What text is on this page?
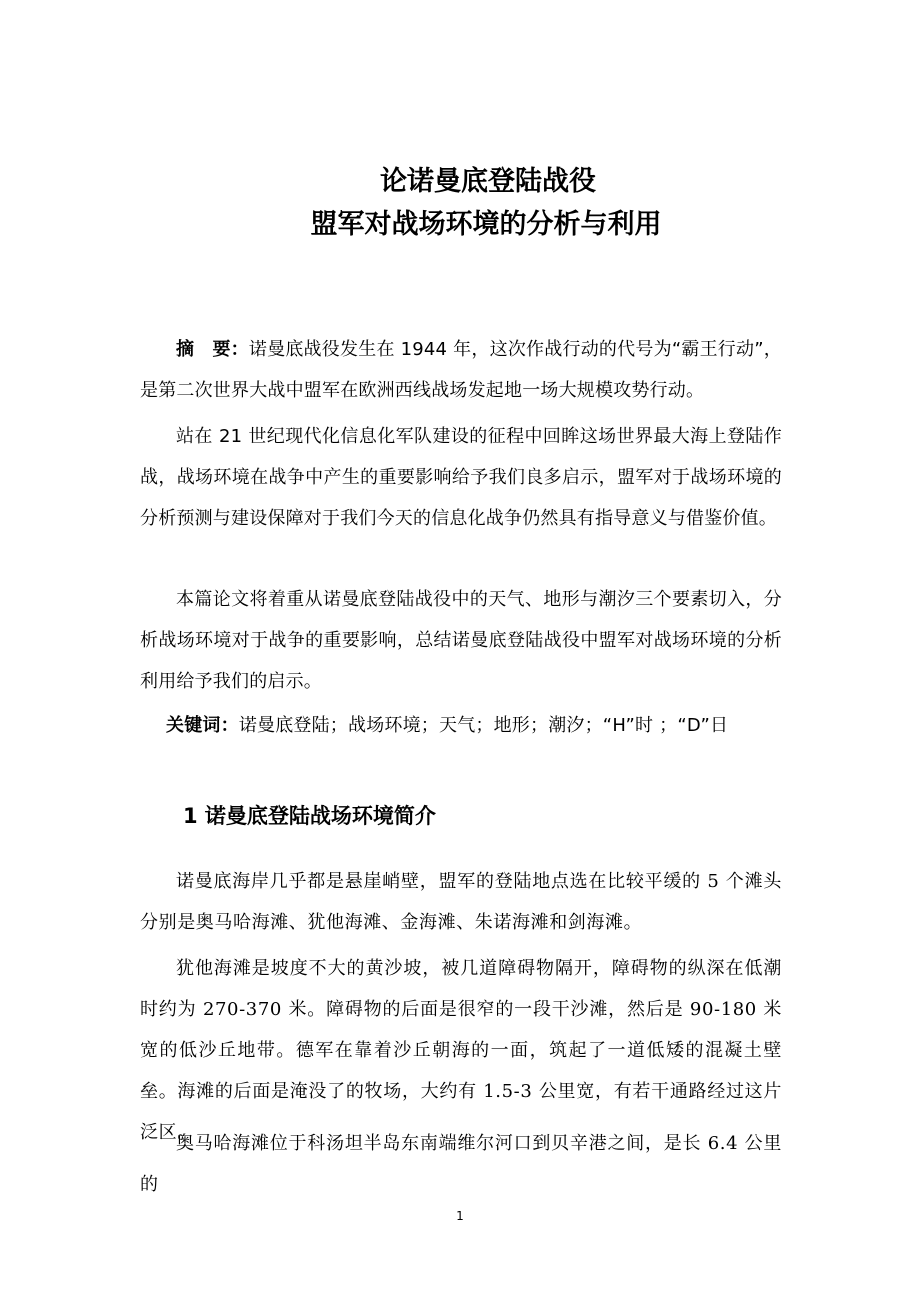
论诺曼底登陆战役
盟军对战场环境的分析与利用

摘　要：诺曼底战役发生在 1944 年，这次作战行动的代号为“霸王行动”，是第二次世界大战中盟军在欧洲西线战场发起地一场大规模攻势行动。

站在 21 世纪现代化信息化军队建设的征程中回眸这场世界最大海上登陆作战，战场环境在战争中产生的重要影响给予我们良多启示，盟军对于战场环境的分析预测与建设保障对于我们今天的信息化战争仍然具有指导意义与借鉴价值。

本篇论文将着重从诺曼底登陆战役中的天气、地形与潮汐三个要素切入，分析战场环境对于战争的重要影响，总结诺曼底登陆战役中盟军对战场环境的分析利用给予我们的启示。

关键词：诺曼底登陆；战场环境；天气；地形；潮汐；“H”时 ；“D”日

1 诺曼底登陆战场环境简介

诺曼底海岸几乎都是悬崖峭壁，盟军的登陆地点选在比较平缓的 5 个滩头分别是奥马哈海滩、犹他海滩、金海滩、朱诺海滩和剑海滩。

犹他海滩是坡度不大的黄沙坡，被几道障碍物隔开，障碍物的纵深在低潮时约为 270-370 米。障碍物的后面是很窄的一段干沙滩，然后是 90-180 米宽的低沙丘地带。德军在靠着沙丘朝海的一面，筑起了一道低矮的混凝土壁垒。海滩的后面是淹没了的牧场，大约有 1.5-3 公里宽，有若干通路经过这片泛区。

奥马哈海滩位于科汤坦半岛东南端维尔河口到贝辛港之间，是长 6.4 公里的

1
